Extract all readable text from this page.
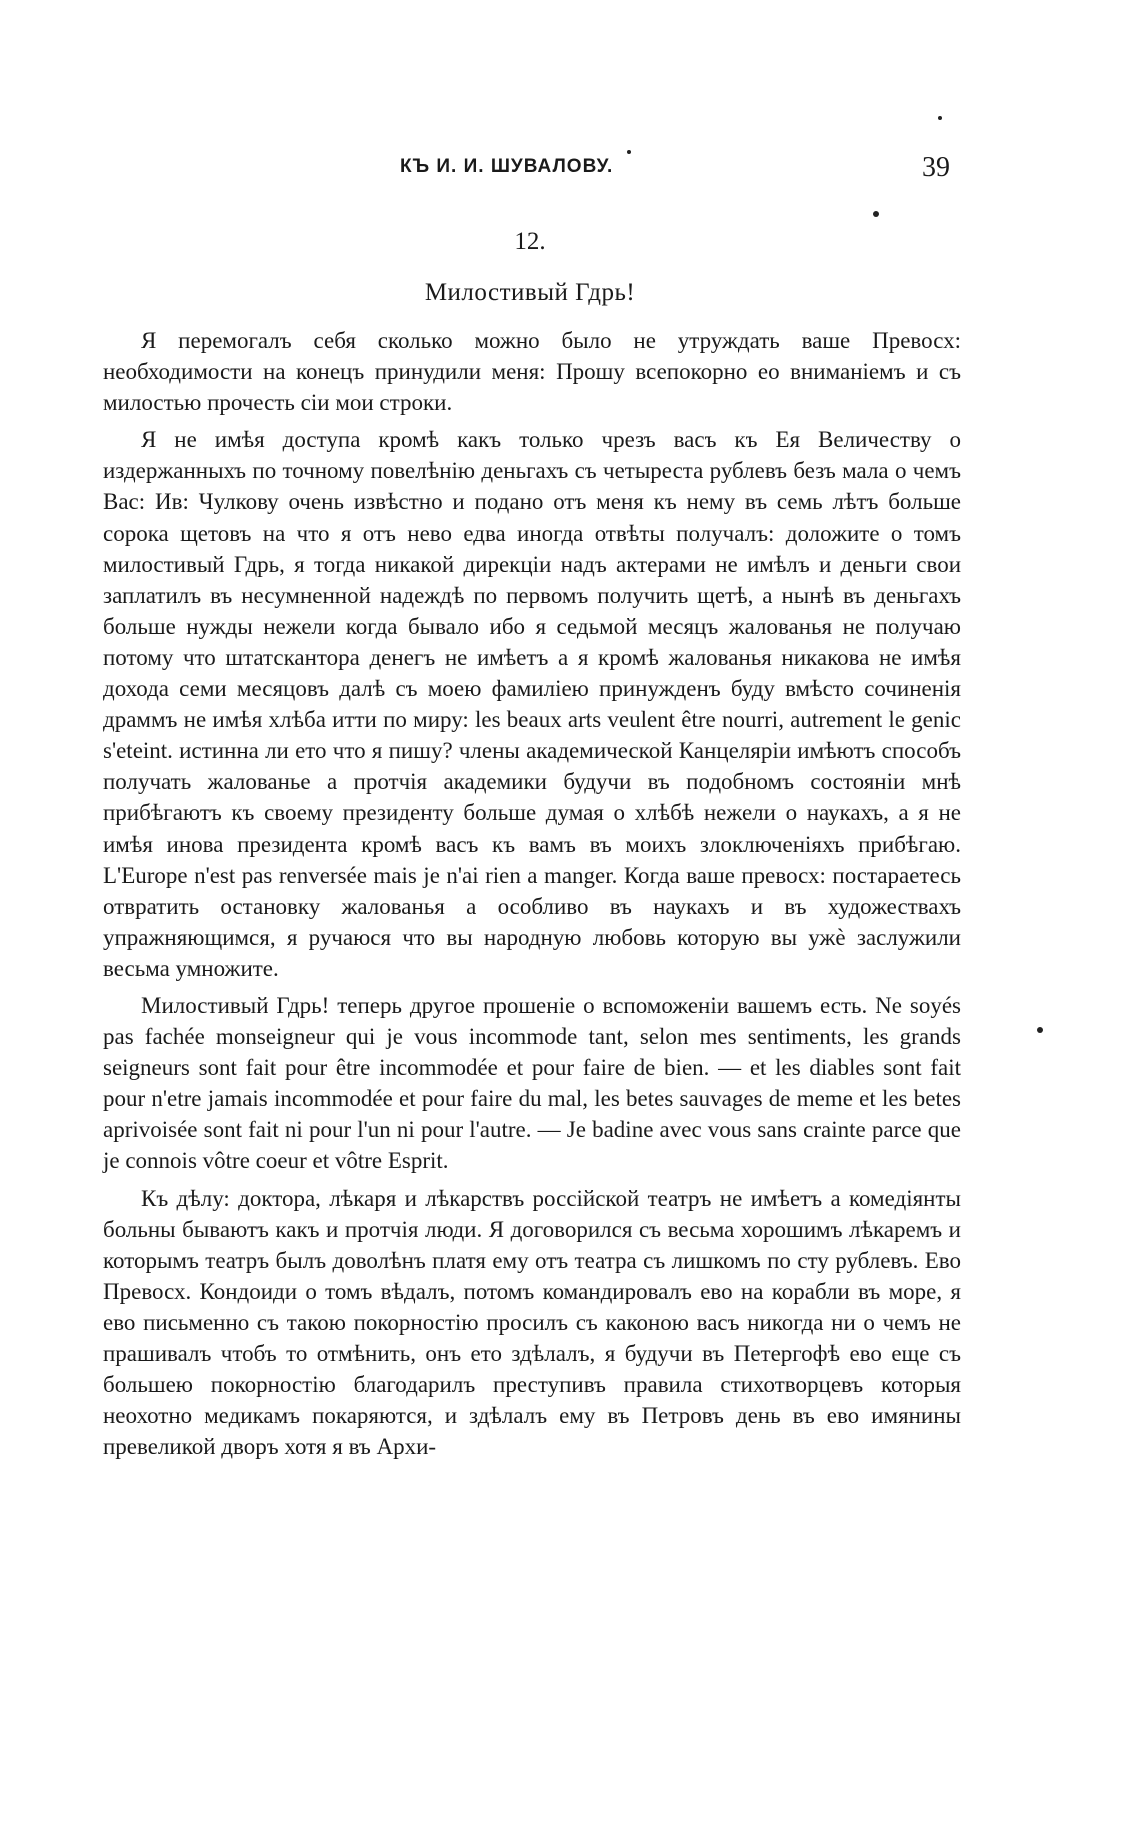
КЪ И. И. ШУВАЛОВУ.	39
12.
Милостивый Гдрь!

Я перемогалъ себя сколько можно было не утруждать ваше Превосх: необходимости на конецъ принудили меня: Прошу всепокорно ео вниманіемъ и съ милостью прочесть сіи мои строки.

Я не имѣя доступа кромѣ какъ только чрезъ васъ къ Ея Величеству о издержанныхъ по точному повелѣнію деньгахъ съ четыреста рублевъ безъ мала о чемъ Вас: Ив: Чулкову очень извѣстно и подано отъ меня къ нему въ семь лѣтъ больше сорока щетовъ на что я отъ нево едва иногда отвѣты получалъ: доложите о томъ милостивый Гдрь, я тогда никакой дирекціи надъ актерами не имѣлъ и деньги свои заплатилъ въ несумненной надеждѣ по первомъ получить щетѣ, а нынѣ въ деньгахъ больше нужды нежели когда бывало ибо я седьмой месяцъ жалованья не получаю потому что штатскантора денегъ не имѣетъ а я кромѣ жалованья никакова не имѣя дохода семи месяцовъ далѣ съ моею фамиліею принужденъ буду вмѣсто сочиненія драммъ не имѣя хлѣба итти по миру: les beaux arts veulent être nourri, autrement le genic s'eteint. истинна ли ето что я пишу? члены академической Канцеляріи имѣютъ способъ получать жалованье а протчія академики будучи въ подобномъ состояніи мнѣ прибѣгаютъ къ своему президенту больше думая о хлѣбѣ нежели о наукахъ, а я не имѣя инова президента кромѣ васъ къ вамъ въ моихъ злоключеніяхъ прибѣгаю. L'Europe n'est pas renversée mais je n'ai rien a manger. Когда ваше превосх: постараетесь отвратить остановку жалованья а особливо въ наукахъ и въ художествахъ упражняющимся, я ручаюся что вы народную любовь которую вы ужѐ заслужили весьма умножите.

Милостивый Гдрь! теперь другое прошеніе о вспоможеніи вашемъ есть. Ne soyés pas fachée monseigneur qui je vous incommode tant, selon mes sentiments, les grands seigneurs sont fait pour être incommodée et pour faire de bien. — et les diables sont fait pour n'etre jamais incommodée et pour faire du mal, les betes sauvages de meme et les betes aprivoisée sont fait ni pour l'un ni pour l'autre. — Je badine avec vous sans crainte parce que je connois vôtre coeur et vôtre Esprit.

Къ дѣлу: доктора, лѣкаря и лѣкарствъ россійской театръ не имѣетъ а комедіянты больны бываютъ какъ и протчія люди. Я договорился съ весьма хорошимъ лѣкаремъ и которымъ театръ былъ доволѣнъ платя ему отъ театра съ лишкомъ по сту рублевъ. Ево Превосх. Кондоиди о томъ вѣдалъ, потомъ командировалъ ево на корабли въ море, я ево письменно съ такою покорностію просилъ съ каконою васъ никогда ни о чемъ не прашивалъ чтобъ то отмѣнить, онъ ето здѣлалъ, я будучи въ Петергофѣ ево еще съ большею покорностію благодарилъ преступивъ правила стихотворцевъ которыя неохотно медикамъ покаряются, и здѣлалъ ему въ Петровъ день въ ево имянины превеликой дворъ хотя я въ Архи-
